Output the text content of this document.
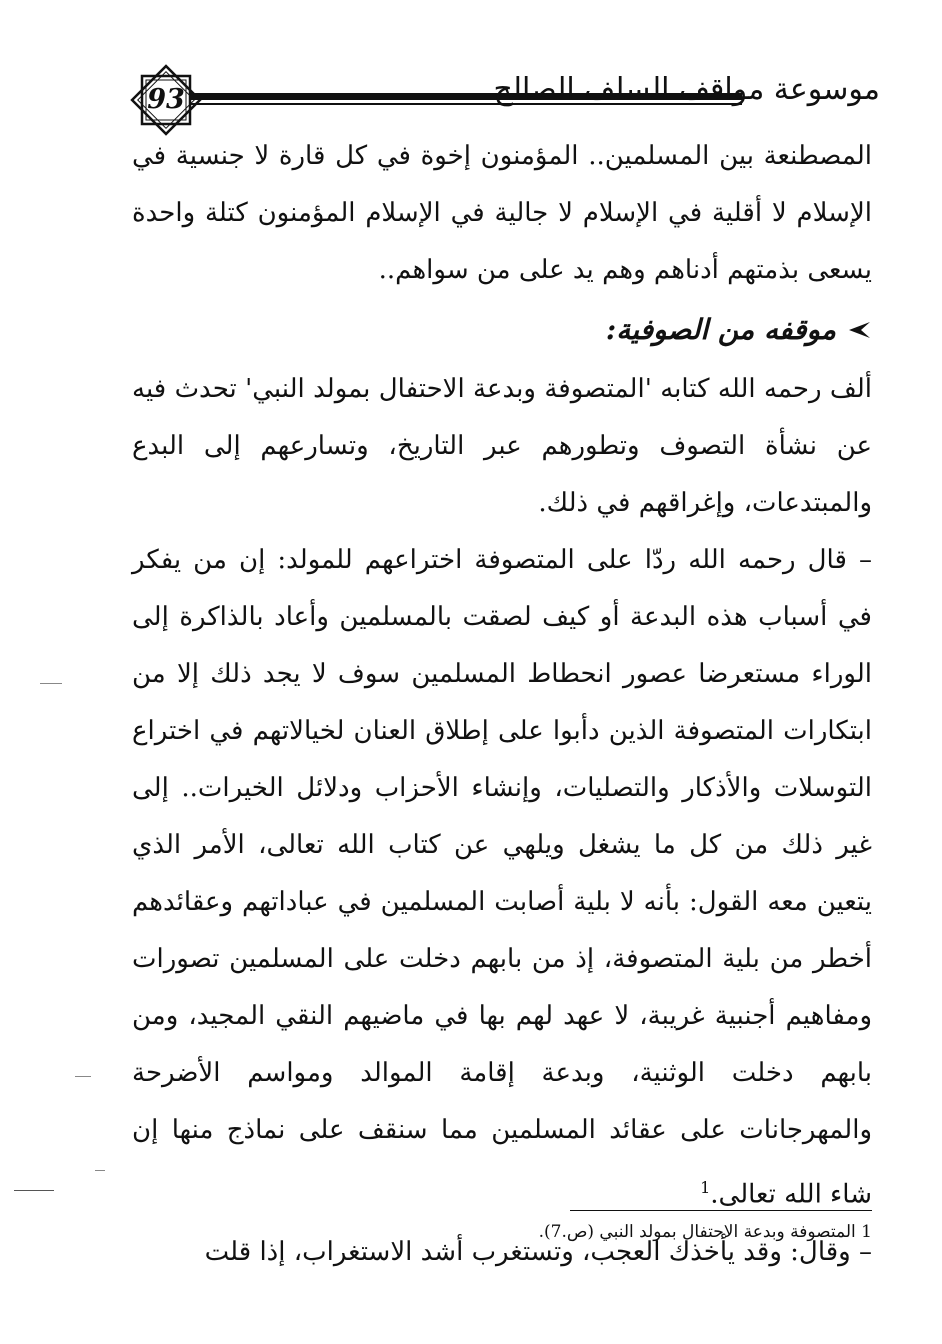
93	موسوعة مواقف السلف الصالح

المصطنعة بين المسلمين.. المؤمنون إخوة في كل قارة لا جنسية في الإسلام لا أقلية في الإسلام لا جالية في الإسلام المؤمنون كتلة واحدة يسعى بذمتهم أدناهم وهم يد على من سواهم..

موقفه من الصوفية:

ألف رحمه الله كتابه 'المتصوفة وبدعة الاحتفال بمولد النبي' تحدث فيه عن نشأة التصوف وتطورهم عبر التاريخ، وتسارعهم إلى البدع والمبتدعات، وإغراقهم في ذلك.

– قال رحمه الله ردّا على المتصوفة اختراعهم للمولد: إن من يفكر في أسباب هذه البدعة أو كيف لصقت بالمسلمين وأعاد بالذاكرة إلى الوراء مستعرضا عصور انحطاط المسلمين سوف لا يجد ذلك إلا من ابتكارات المتصوفة الذين دأبوا على إطلاق العنان لخيالاتهم في اختراع التوسلات والأذكار والتصليات، وإنشاء الأحزاب ودلائل الخيرات.. إلى غير ذلك من كل ما يشغل ويلهي عن كتاب الله تعالى، الأمر الذي يتعين معه القول: بأنه لا بلية أصابت المسلمين في عباداتهم وعقائدهم أخطر من بلية المتصوفة، إذ من بابهم دخلت على المسلمين تصورات ومفاهيم أجنبية غريبة، لا عهد لهم بها في ماضيهم النقي المجيد، ومن بابهم دخلت الوثنية، وبدعة إقامة الموالد ومواسم الأضرحة والمهرجانات على عقائد المسلمين مما سنقف على نماذج منها إن شاء الله تعالى.$^1$

– وقال: وقد يأخذك العجب، وتستغرب أشد الاستغراب، إذا قلت

1 المتصوفة وبدعة الاحتفال بمولد النبي (ص.7).
